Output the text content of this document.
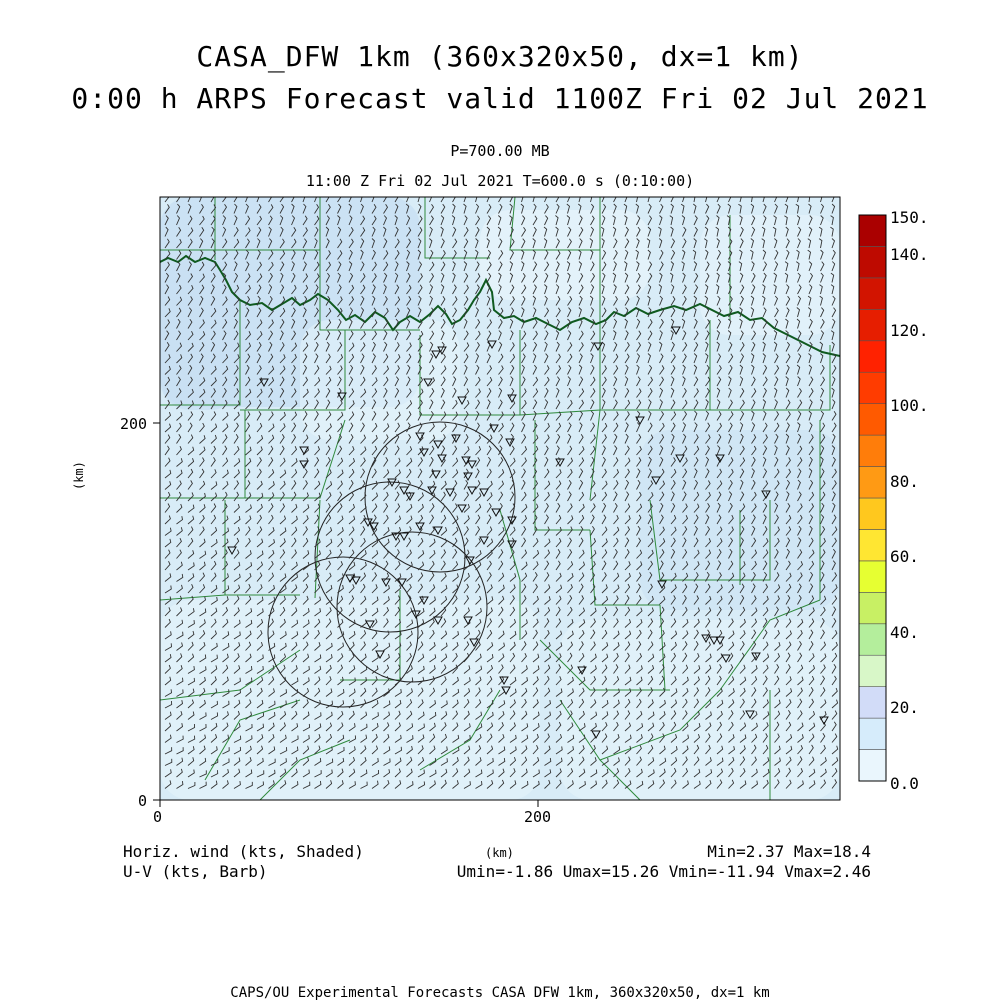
CASA_DFW 1km (360x320x50, dx=1 km)
0:00 h ARPS Forecast valid 1100Z Fri 02 Jul 2021
P=700.00 MB
11:00 Z Fri 02 Jul 2021 T=600.0 s (0:10:00)
0	200
0
200
(km)
0.0
20.
40.
60.
80.
100.
120.
140.
150.
Horiz. wind (kts, Shaded)
U-V (kts, Barb)
(km)	Min=2.37 Max=18.4
Umin=-1.86 Umax=15.26 Vmin=-11.94 Vmax=2.46
CAPS/OU Experimental Forecasts CASA DFW 1km, 360x320x50, dx=1 km
